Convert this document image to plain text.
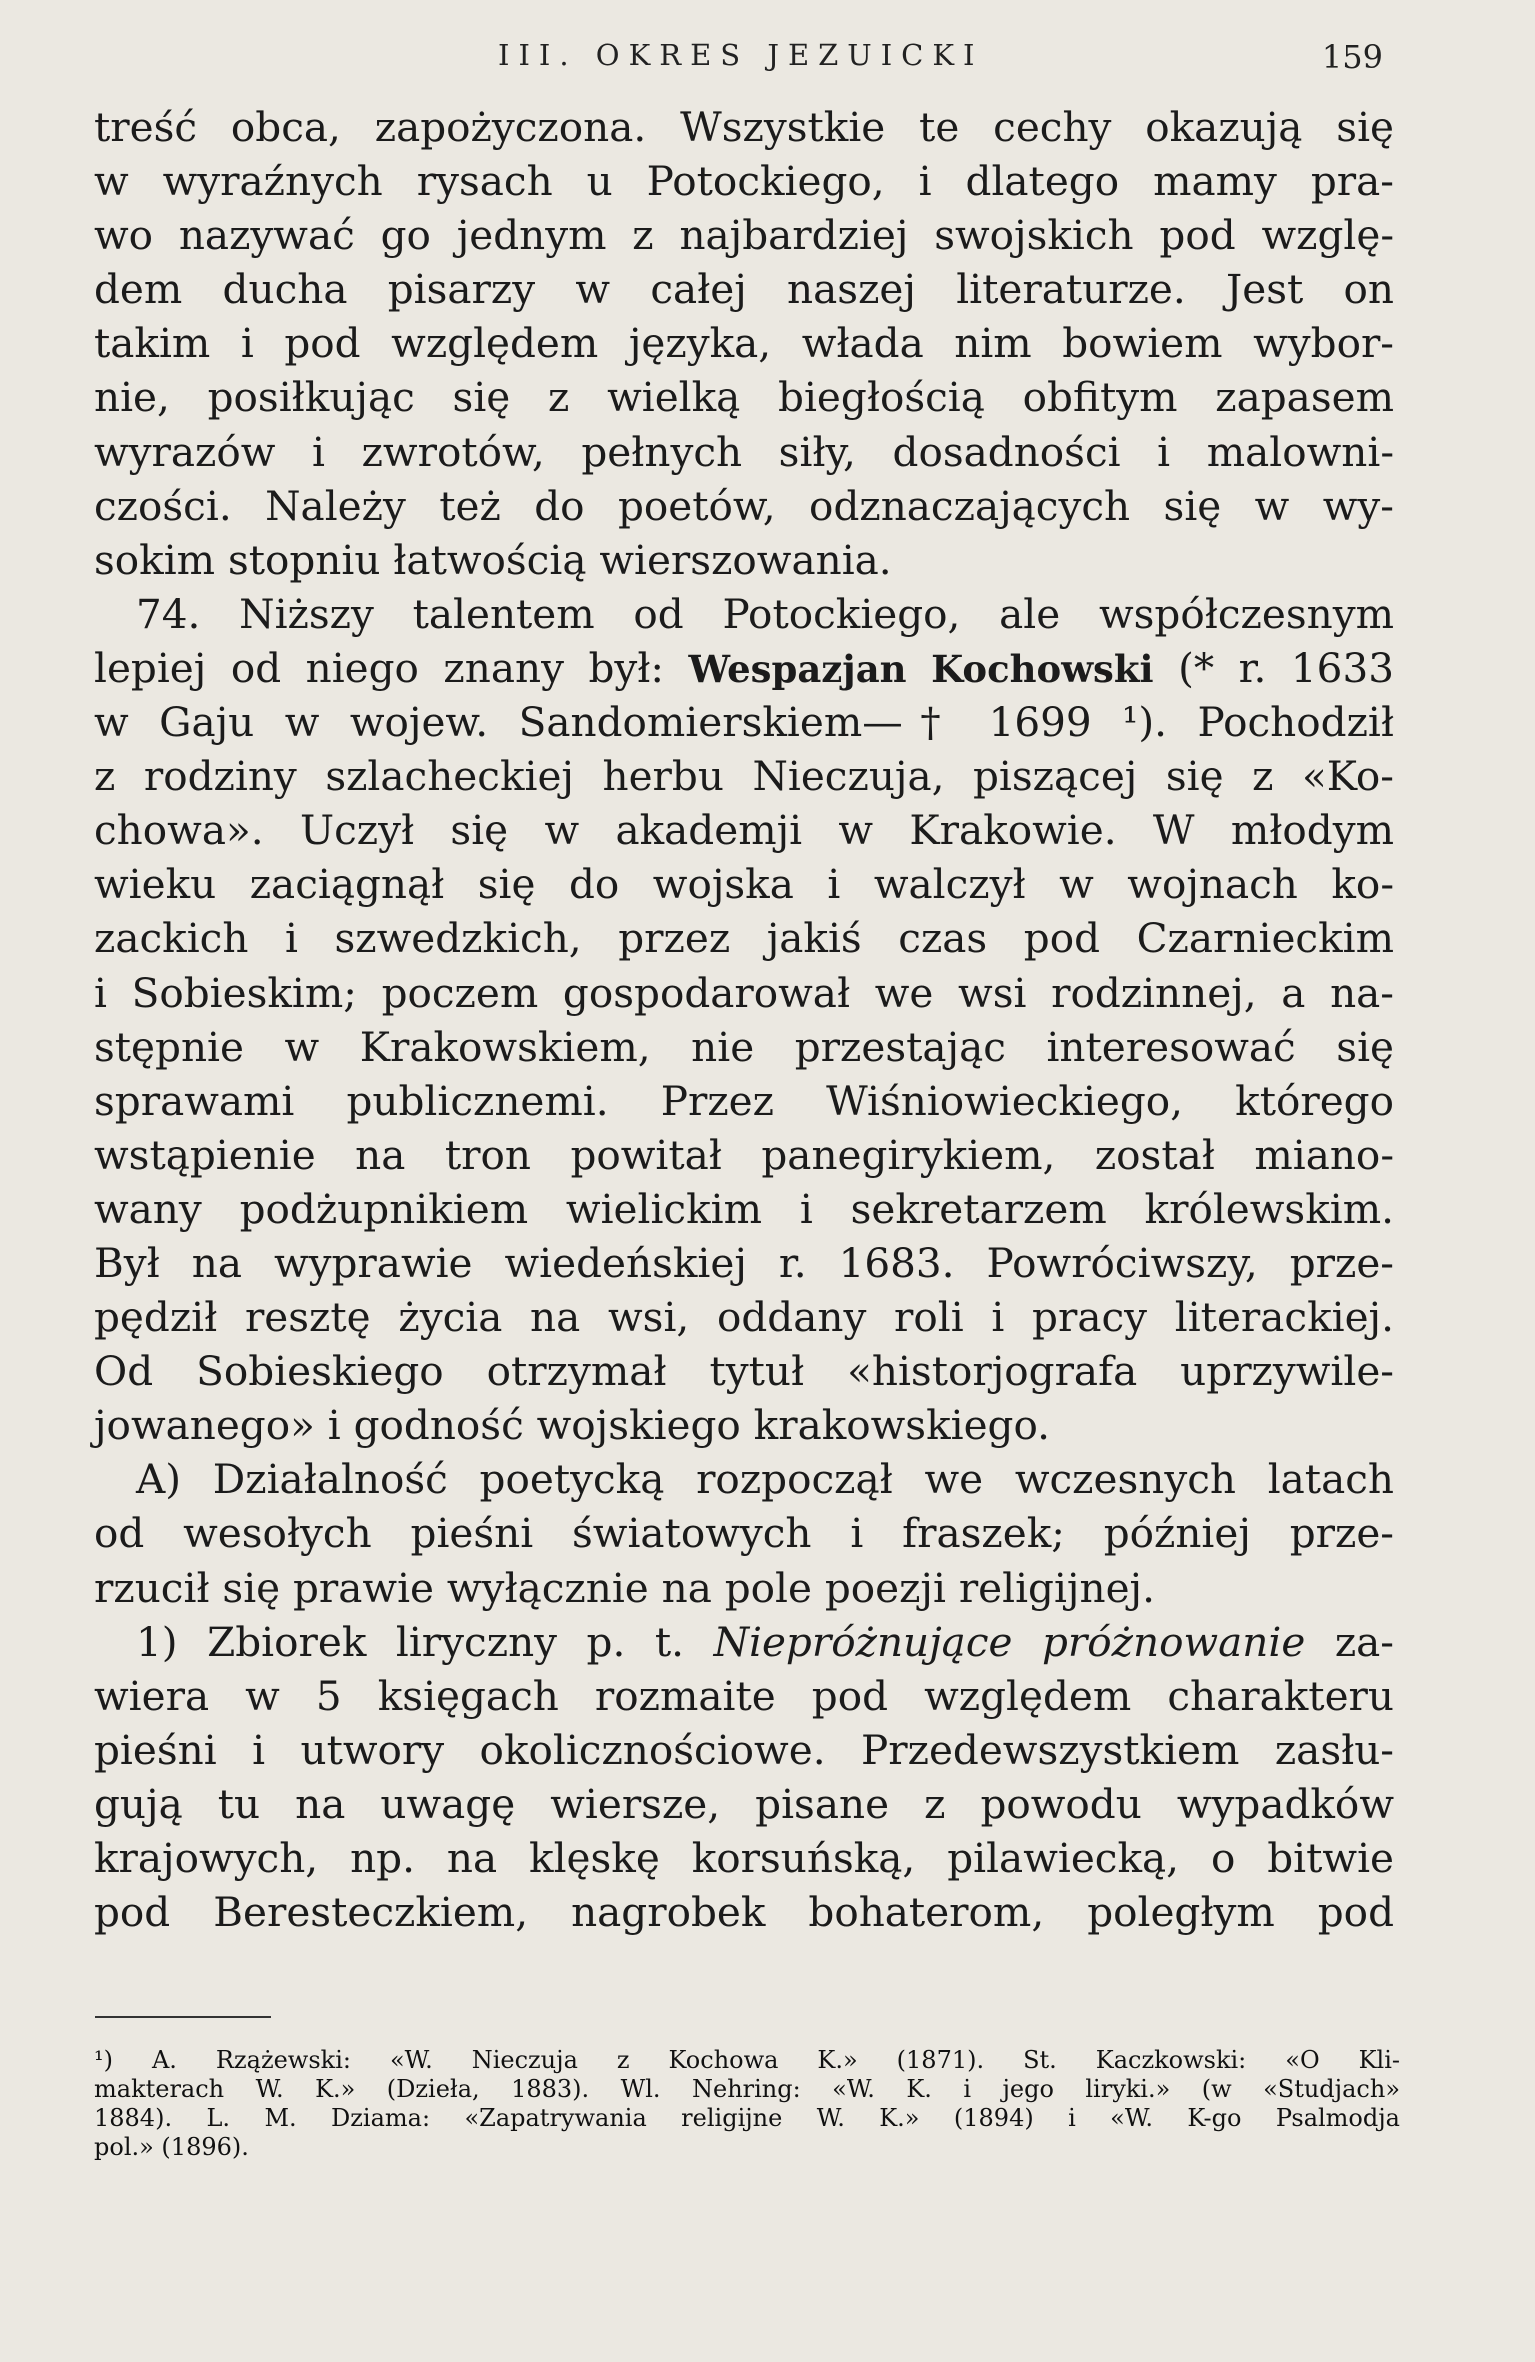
III. OKRES JEZUICKI	159
treść obca, zapożyczona. Wszystkie te cechy okazują się
w wyraźnych rysach u Potockiego, i dlatego mamy pra-
wo nazywać go jednym z najbardziej swojskich pod wzglę-
dem ducha pisarzy w całej naszej literaturze. Jest on
takim i pod względem języka, włada nim bowiem wybor-
nie, posiłkując się z wielką biegłością obfitym zapasem
wyrazów i zwrotów, pełnych siły, dosadności i malowni-
czości. Należy też do poetów, odznaczających się w wy-
sokim stopniu łatwością wierszowania.
74. Niższy talentem od Potockiego, ale współczesnym
lepiej od niego znany był: Wespazjan Kochowski (* r. 1633
w Gaju w wojew. Sandomierskiem—† 1699 ¹). Pochodził
z rodziny szlacheckiej herbu Nieczuja, piszącej się z «Ko-
chowa». Uczył się w akademji w Krakowie. W młodym
wieku zaciągnął się do wojska i walczył w wojnach ko-
zackich i szwedzkich, przez jakiś czas pod Czarnieckim
i Sobieskim; poczem gospodarował we wsi rodzinnej, a na-
stępnie w Krakowskiem, nie przestając interesować się
sprawami publicznemi. Przez Wiśniowieckiego, którego
wstąpienie na tron powitał panegirykiem, został miano-
wany podżupnikiem wielickim i sekretarzem królewskim.
Był na wyprawie wiedeńskiej r. 1683. Powróciwszy, prze-
pędził resztę życia na wsi, oddany roli i pracy literackiej.
Od Sobieskiego otrzymał tytuł «historjografa uprzywile-
jowanego» i godność wojskiego krakowskiego.
A) Działalność poetycką rozpoczął we wczesnych latach
od wesołych pieśni światowych i fraszek; później prze-
rzucił się prawie wyłącznie na pole poezji religijnej.
1) Zbiorek liryczny p. t. Niepróżnujące próżnowanie za-
wiera w 5 księgach rozmaite pod względem charakteru
pieśni i utwory okolicznościowe. Przedewszystkiem zasłu-
gują tu na uwagę wiersze, pisane z powodu wypadków
krajowych, np. na klęskę korsuńską, pilawiecką, o bitwie
pod Beresteczkiem, nagrobek bohaterom, poległym pod
¹) A. Rzążewski: «W. Nieczuja z Kochowa K.» (1871). St. Kaczkowski: «O Kli-
makterach W. K.» (Dzieła, 1883). Wl. Nehring: «W. K. i jego liryki.» (w «Studjach»
1884). L. M. Dziama: «Zapatrywania religijne W. K.» (1894) i «W. K-go Psalmodja
pol.» (1896).
